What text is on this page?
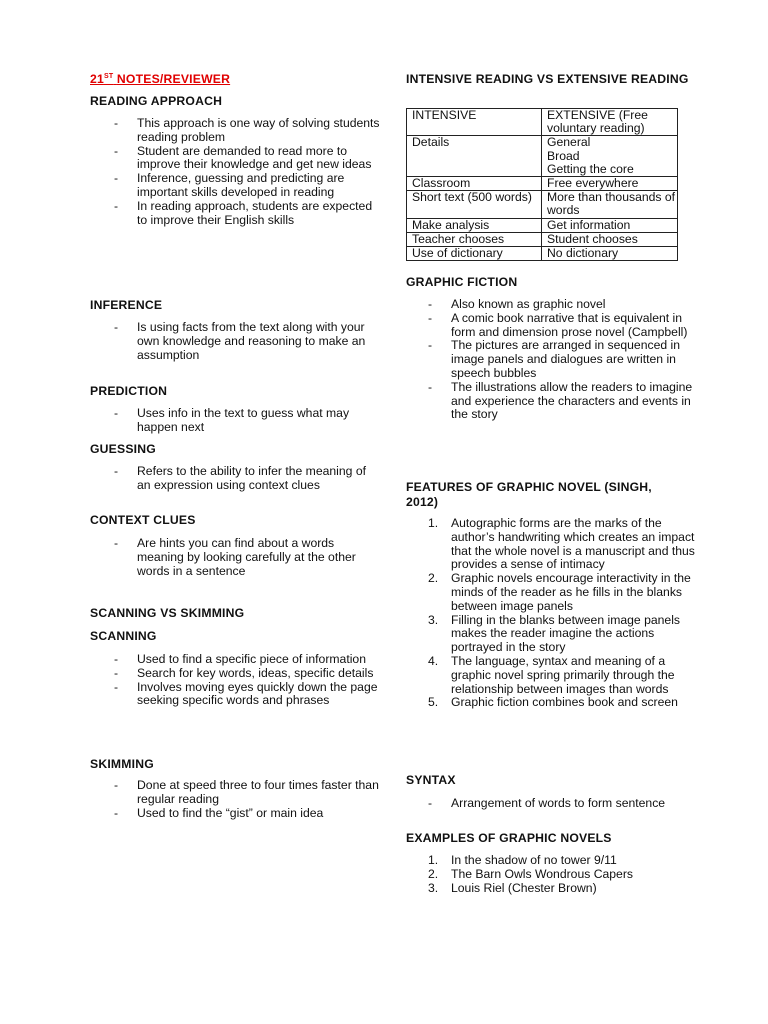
21ST NOTES/REVIEWER
READING APPROACH
- This approach is one way of solving students reading problem
- Student are demanded to read more to improve their knowledge and get new ideas
- Inference, guessing and predicting are important skills developed in reading
- In reading approach, students are expected to improve their English skills
INFERENCE
- Is using facts from the text along with your own knowledge and reasoning to make an assumption
PREDICTION
- Uses info in the text to guess what may happen next
GUESSING
- Refers to the ability to infer the meaning of an expression using context clues
CONTEXT CLUES
- Are hints you can find about a words meaning by looking carefully at the other words in a sentence
SCANNING VS SKIMMING
SCANNING
- Used to find a specific piece of information
- Search for key words, ideas, specific details
- Involves moving eyes quickly down the page seeking specific words and phrases
SKIMMING
- Done at speed three to four times faster than regular reading
- Used to find the “gist” or main idea
INTENSIVE READING VS EXTENSIVE READING
INTENSIVE	EXTENSIVE (Free voluntary reading)
Details	General
Broad
Getting the core
Classroom	Free everywhere
Short text (500 words)	More than thousands of words
Make analysis	Get information
Teacher chooses	Student chooses
Use of dictionary	No dictionary
GRAPHIC FICTION
- Also known as graphic novel
- A comic book narrative that is equivalent in form and dimension prose novel (Campbell)
- The pictures are arranged in sequenced in image panels and dialogues are written in speech bubbles
- The illustrations allow the readers to imagine and experience the characters and events in the story
FEATURES OF GRAPHIC NOVEL (SINGH, 2012)
1. Autographic forms are the marks of the author’s handwriting which creates an impact that the whole novel is a manuscript and thus provides a sense of intimacy
2. Graphic novels encourage interactivity in the minds of the reader as he fills in the blanks between image panels
3. Filling in the blanks between image panels makes the reader imagine the actions portrayed in the story
4. The language, syntax and meaning of a graphic novel spring primarily through the relationship between images than words
5. Graphic fiction combines book and screen
SYNTAX
- Arrangement of words to form sentence
EXAMPLES OF GRAPHIC NOVELS
1. In the shadow of no tower 9/11
2. The Barn Owls Wondrous Capers
3. Louis Riel (Chester Brown)
